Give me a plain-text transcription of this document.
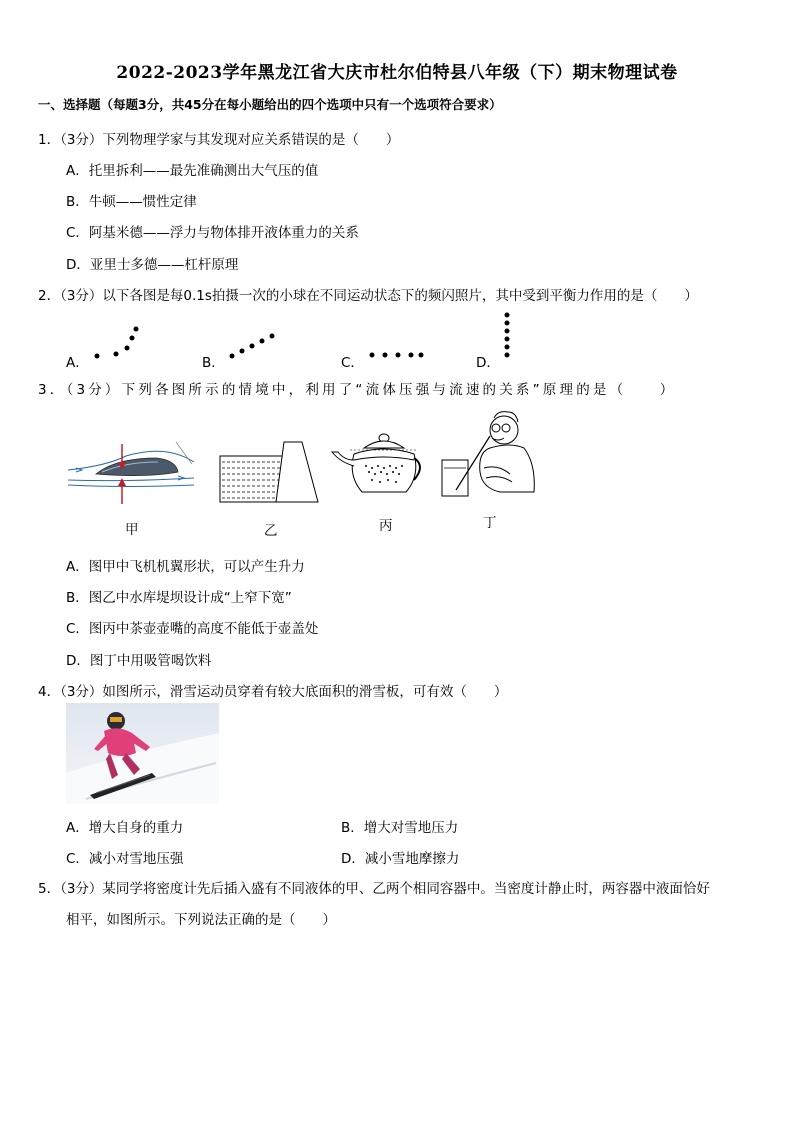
2022-2023学年黑龙江省大庆市杜尔伯特县八年级（下）期末物理试卷
一、选择题（每题3分，共45分在每小题给出的四个选项中只有一个选项符合要求）
1．（3分）下列物理学家与其发现对应关系错误的是（　　）
A．托里拆利——最先准确测出大气压的值
B．牛顿——惯性定律
C．阿基米德——浮力与物体排开液体重力的关系
D．亚里士多德——杠杆原理
2．（3分）以下各图是每0.1s拍摄一次的小球在不同运动状态下的频闪照片，其中受到平衡力作用的是（　　）
A．	B．	C．	D．
3．（3分）下列各图所示的情境中，利用了“流体压强与流速的关系”原理的是（　　）
甲	乙	丙	丁
A．图甲中飞机机翼形状，可以产生升力
B．图乙中水库堤坝设计成“上窄下宽”
C．图丙中茶壶壶嘴的高度不能低于壶盖处
D．图丁中用吸管喝饮料
4．（3分）如图所示，滑雪运动员穿着有较大底面积的滑雪板，可有效（　　）
A．增大自身的重力	B．增大对雪地压力
C．减小对雪地压强	D．减小雪地摩擦力
5．（3分）某同学将密度计先后插入盛有不同液体的甲、乙两个相同容器中。当密度计静止时，两容器中液面恰好
相平，如图所示。下列说法正确的是（　　）
